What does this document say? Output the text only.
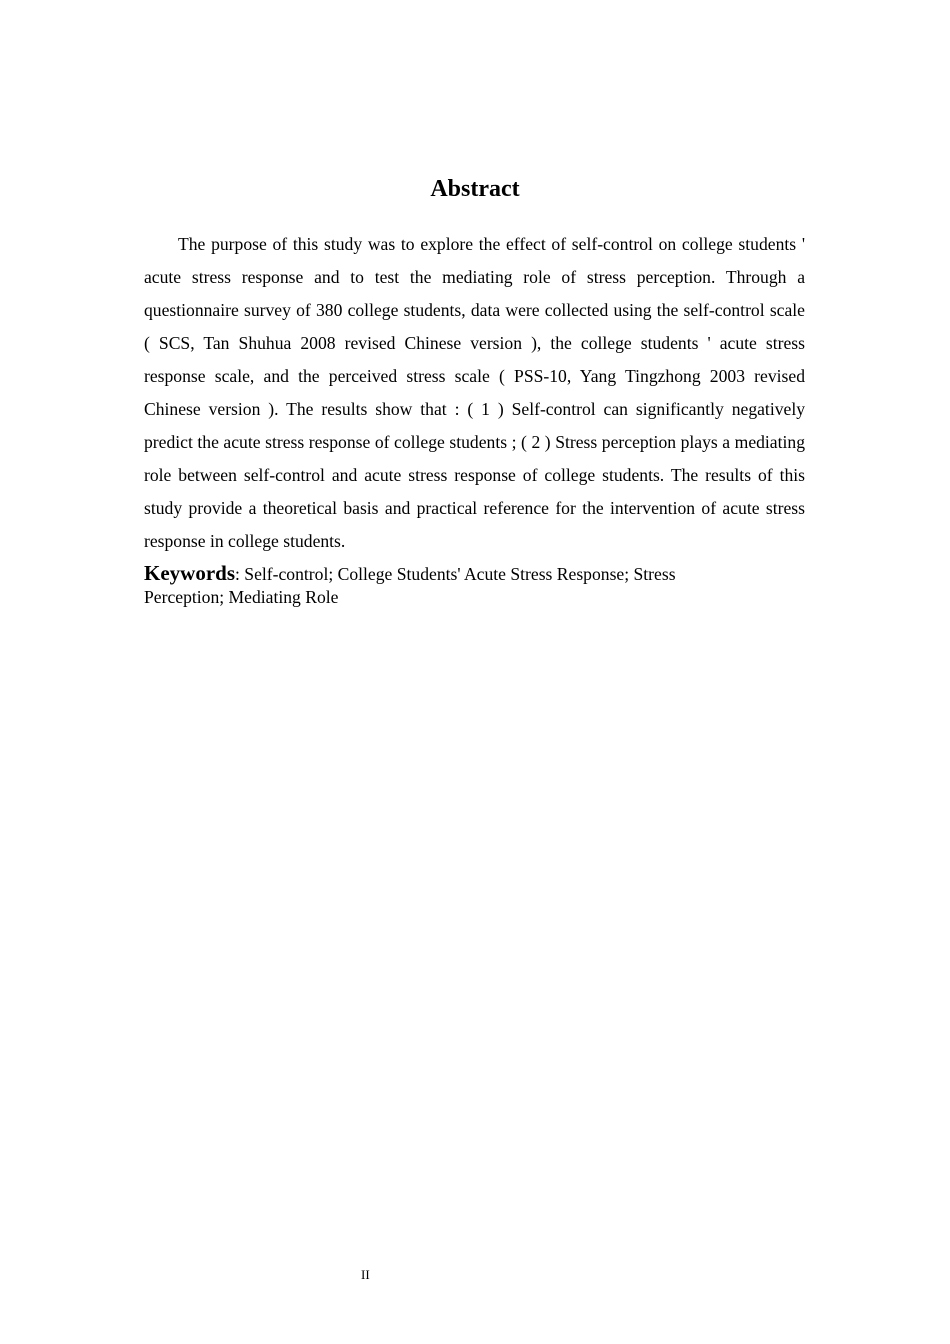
Abstract

The purpose of this study was to explore the effect of self-control on college students ' acute stress response and to test the mediating role of stress perception. Through a questionnaire survey of 380 college students, data were collected using the self-control scale ( SCS, Tan Shuhua 2008 revised Chinese version ), the college students ' acute stress response scale, and the perceived stress scale ( PSS-10, Yang Tingzhong 2003 revised Chinese version ). The results show that : ( 1 ) Self-control can significantly negatively predict the acute stress response of college students ; ( 2 ) Stress perception plays a mediating role between self-control and acute stress response of college students. The results of this study provide a theoretical basis and practical reference for the intervention of acute stress response in college students.

Keywords: Self-control; College Students' Acute Stress Response; Stress Perception; Mediating Role

II
